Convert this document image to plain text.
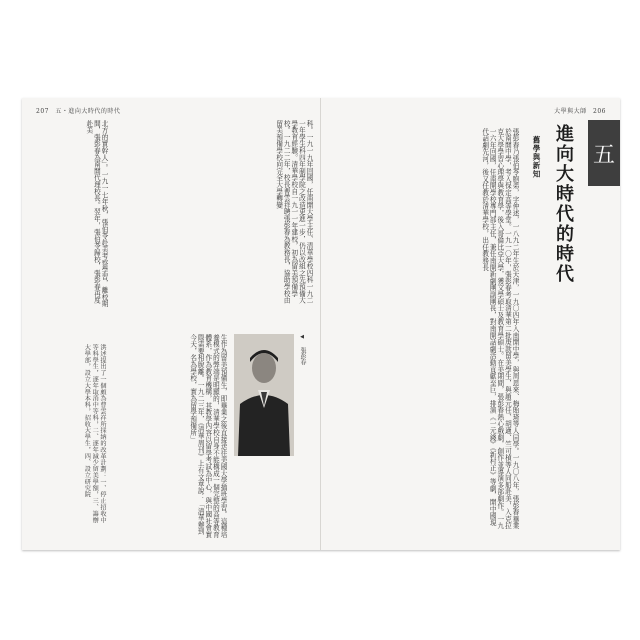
207 五・進向大時代的時代	大學與大師 206
科。一九一九年回國，任南開大學主任、清華學校四科一九二一年學生科四年制學院之改造更進一步，仍以改組之先預備大學教育經驗。清華學校自一九一一年建校，初為留美預備學校。一九二二年，校長曹雲祥聘張彭春為教務長，協助學校由留美預備學校向完全大學轉變
北方的實幹人」。一九一七年秋，張伯苓赴美考察學習，離校期間，張彭春為南開代理校長。翌年，張伯苓歸校，張彭春再度赴美
◀ 張彭春
生作為留美預備生，即畢業之後直接送往美國大學插班學習。這種培養模式的弊端是明顯的，清華學校自身不能構成一個完整的高等教育體系，作為教育機構，其教學內容以留學考試為中心，與中國社會實際需要相脫離。一九二三年，《清華周刊》上有文章說：「清華辦到今天，名為學校，實為留學預備所」
洪述提出了一個頗為曹雲祥所採納的改革計劃：一、停止招收中等科學生，逐年取消中等科，二、逐年減少留美學額，三、籌辦大學部，設立大學本科，招收大學生，四、設立研究院	張彭春乃張伯苓胞弟，字仲述，一八九二年生於天津，一九〇四年入南開中學，與周恩來、梅貽琦等人同學。一九〇八年，張彭春畢業於南開中學，考入保定高等學堂。一九一〇年，張彭春考取清華第二批庚款留美學生，與趙元任、胡適、竺可楨等人同船赴美，入克拉克大學學習心理學與教育學，後入哥倫比亞大學，獲文學碩士及教育學碩士。在美期間，張彭春熱心戲劇，創作並導演多部劇作。一九一六年回國，任南開學校專門部主任，兼任南開新劇團副團長，對南開話劇活動貢獻至巨，排演《一元錢》《新村正》等劇，開中國現代話劇先河，後又任教於清華學校，出任教務長	舊學與新知 進向大時代的時代 五
